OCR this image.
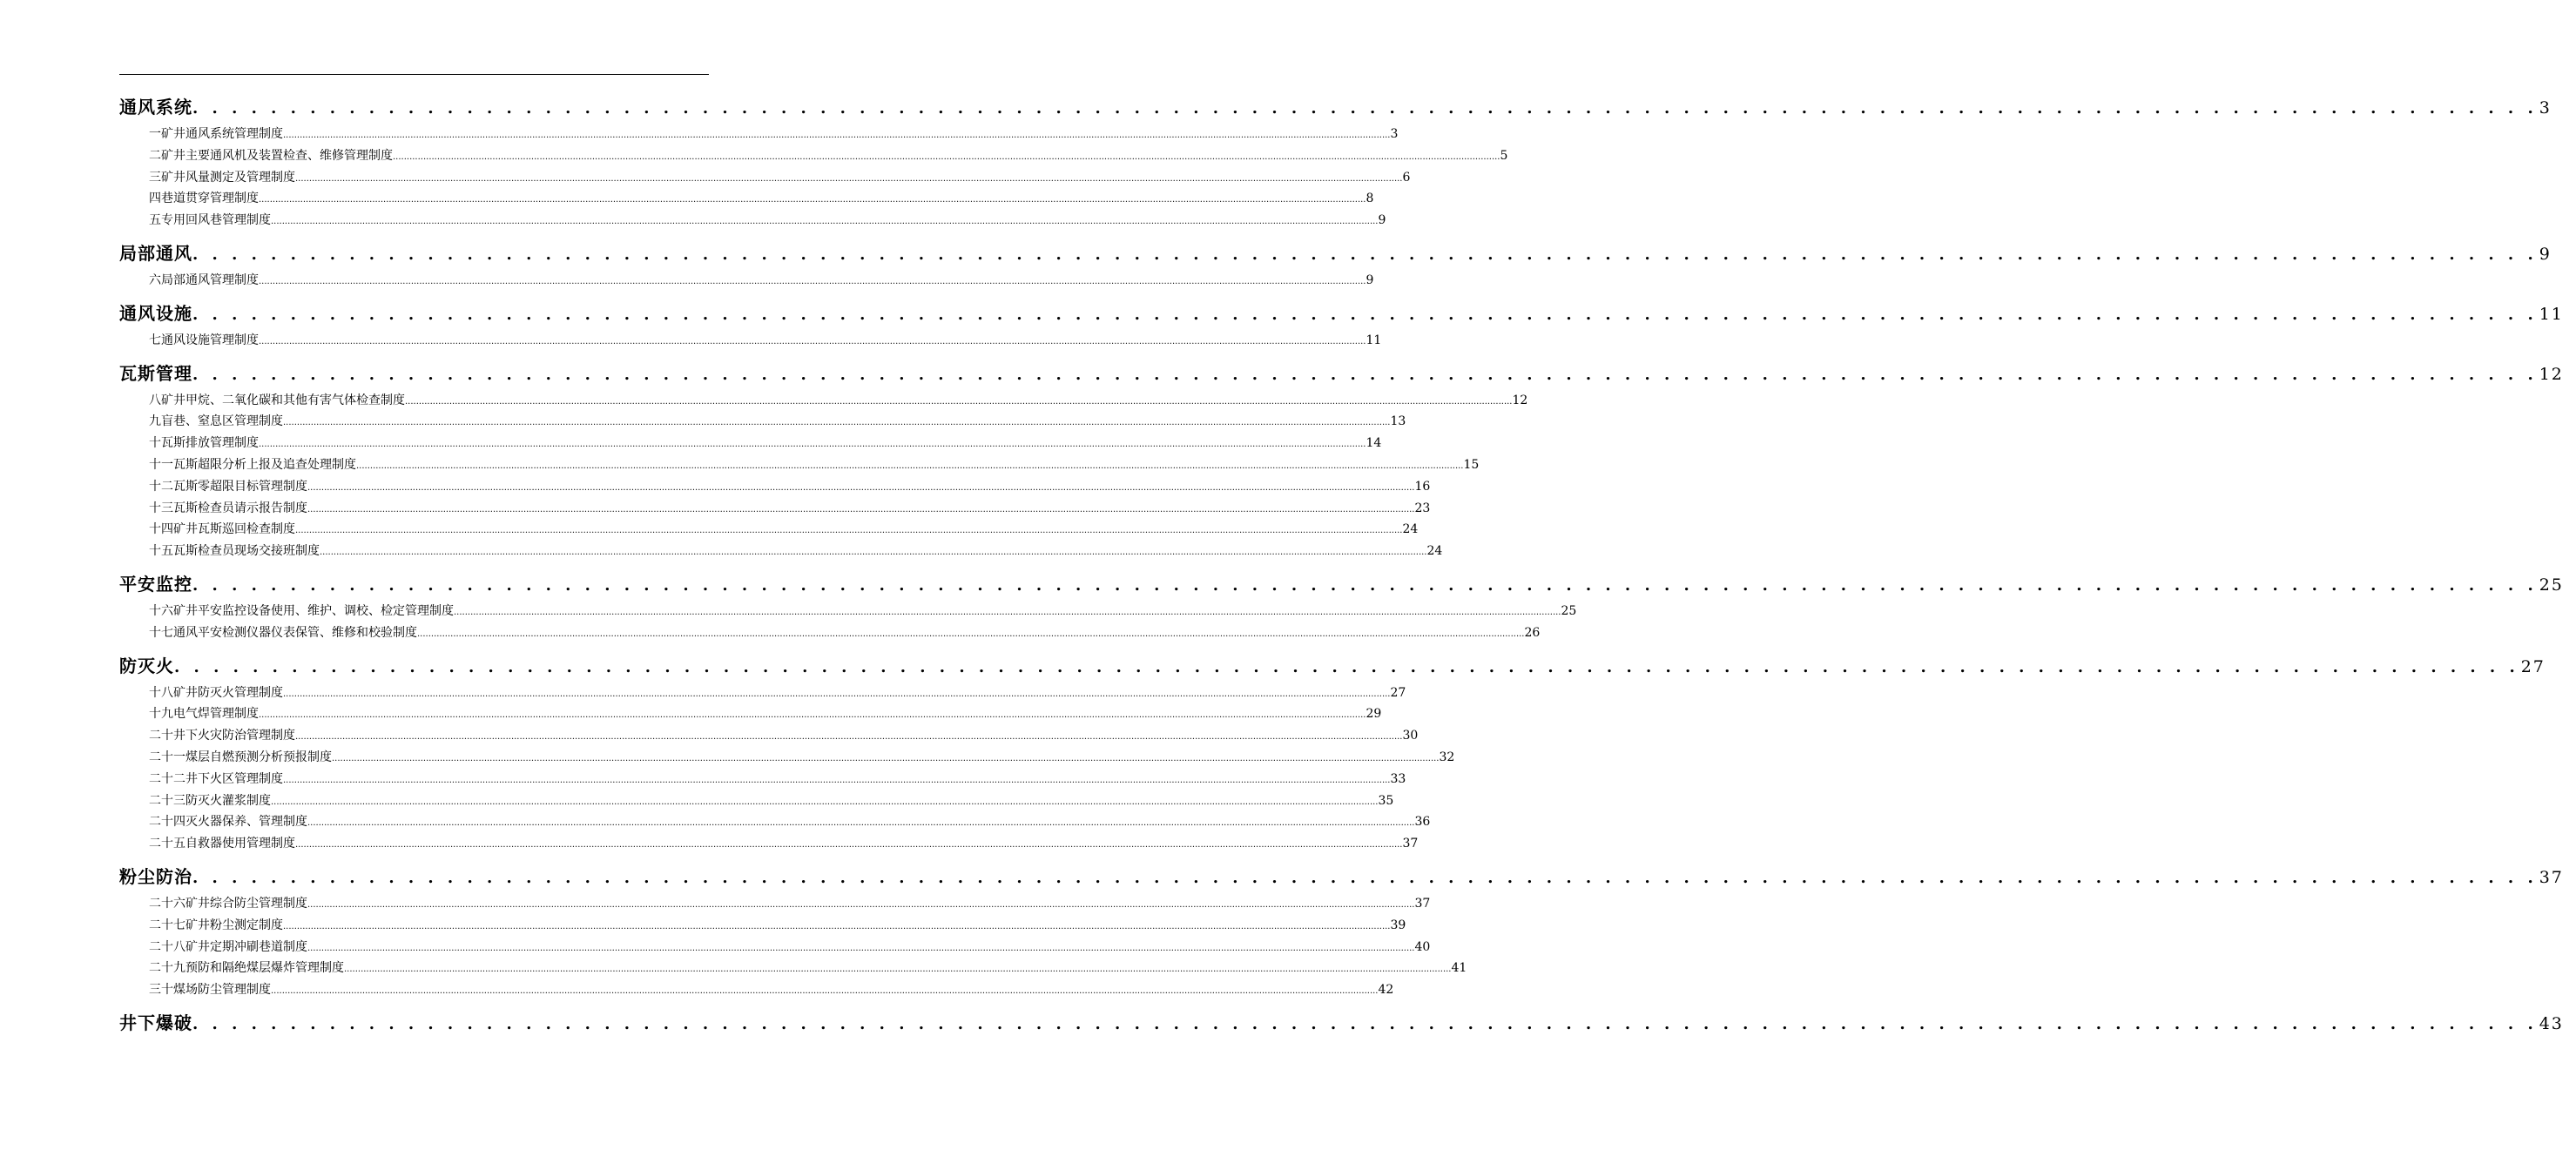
通风系统 . . . . . . . . . . . . . . . . . . . . . . . . . . . . . . . . . . . . . . . . . . . . . . . . . . . . . . . . . . . . . . . . . . . . . . . . . . . . . . . . . . . . . . . . . . . . . . . . . . . . . . . . . . . . . . . . . . . . . . . . 3
一 矿井通风系统管理制度 ................................................................................................................................................................................................................................................................................................................................................................................................................ 3
二 矿井主要通风机及装置检查、维修管理制度 ................................................................................................................................................................................................................................................................................................................................................................................................................ 5
三 矿井风量测定及管理制度 ................................................................................................................................................................................................................................................................................................................................................................................................................ 6
四 巷道贯穿管理制度 ................................................................................................................................................................................................................................................................................................................................................................................................................ 8
五 专用回风巷管理制度 ................................................................................................................................................................................................................................................................................................................................................................................................................ 9
局部通风 . . . . . . . . . . . . . . . . . . . . . . . . . . . . . . . . . . . . . . . . . . . . . . . . . . . . . . . . . . . . . . . . . . . . . . . . . . . . . . . . . . . . . . . . . . . . . . . . . . . . . . . . . . . . . . . . . . . . . . . . 9
六 局部通风管理制度 ................................................................................................................................................................................................................................................................................................................................................................................................................ 9
通风设施 . . . . . . . . . . . . . . . . . . . . . . . . . . . . . . . . . . . . . . . . . . . . . . . . . . . . . . . . . . . . . . . . . . . . . . . . . . . . . . . . . . . . . . . . . . . . . . . . . . . . . . . . . . . . . . . . . . . . . . . . 11
七 通风设施管理制度 ................................................................................................................................................................................................................................................................................................................................................................................................................ 11
瓦斯管理 . . . . . . . . . . . . . . . . . . . . . . . . . . . . . . . . . . . . . . . . . . . . . . . . . . . . . . . . . . . . . . . . . . . . . . . . . . . . . . . . . . . . . . . . . . . . . . . . . . . . . . . . . . . . . . . . . . . . . . . . 12
八 矿井甲烷、二氧化碳和其他有害气体检查制度 ................................................................................................................................................................................................................................................................................................................................................................................................................ 12
九 盲巷、窒息区管理制度 ................................................................................................................................................................................................................................................................................................................................................................................................................ 13
十 瓦斯排放管理制度 ................................................................................................................................................................................................................................................................................................................................................................................................................ 14
十一 瓦斯超限分析上报及追查处理制度 ................................................................................................................................................................................................................................................................................................................................................................................................................ 15
十二 瓦斯零超限目标管理制度 ................................................................................................................................................................................................................................................................................................................................................................................................................ 16
十三 瓦斯检查员请示报告制度 ................................................................................................................................................................................................................................................................................................................................................................................................................ 23
十四 矿井瓦斯巡回检查制度 ................................................................................................................................................................................................................................................................................................................................................................................................................ 24
十五 瓦斯检查员现场交接班制度 ................................................................................................................................................................................................................................................................................................................................................................................................................ 24
平安监控 . . . . . . . . . . . . . . . . . . . . . . . . . . . . . . . . . . . . . . . . . . . . . . . . . . . . . . . . . . . . . . . . . . . . . . . . . . . . . . . . . . . . . . . . . . . . . . . . . . . . . . . . . . . . . . . . . . . . . . . . 25
十六 矿井平安监控设备使用、维护、调校、检定管理制度 ................................................................................................................................................................................................................................................................................................................................................................................................................ 25
十七 通风平安检测仪器仪表保管、维修和校验制度 ................................................................................................................................................................................................................................................................................................................................................................................................................ 26
防灭火 . . . . . . . . . . . . . . . . . . . . . . . . . . . . . . . . . . . . . . . . . . . . . . . . . . . . . . . . . . . . . . . . . . . . . . . . . . . . . . . . . . . . . . . . . . . . . . . . . . . . . . . . . . . . . . . . . . . . . . . . 27
十八 矿井防灭火管理制度 ................................................................................................................................................................................................................................................................................................................................................................................................................ 27
十九 电气焊管理制度 ................................................................................................................................................................................................................................................................................................................................................................................................................ 29
二十 井下火灾防治管理制度 ................................................................................................................................................................................................................................................................................................................................................................................................................ 30
二十一 煤层自燃预测分析预报制度 ................................................................................................................................................................................................................................................................................................................................................................................................................ 32
二十二 井下火区管理制度 ................................................................................................................................................................................................................................................................................................................................................................................................................ 33
二十三 防灭火灌浆制度 ................................................................................................................................................................................................................................................................................................................................................................................................................ 35
二十四 灭火器保养、管理制度 ................................................................................................................................................................................................................................................................................................................................................................................................................ 36
二十五 自救器使用管理制度 ................................................................................................................................................................................................................................................................................................................................................................................................................ 37
粉尘防治 . . . . . . . . . . . . . . . . . . . . . . . . . . . . . . . . . . . . . . . . . . . . . . . . . . . . . . . . . . . . . . . . . . . . . . . . . . . . . . . . . . . . . . . . . . . . . . . . . . . . . . . . . . . . . . . . . . . . . . . . 37
二十六 矿井综合防尘管理制度 ................................................................................................................................................................................................................................................................................................................................................................................................................ 37
二十七 矿井粉尘测定制度 ................................................................................................................................................................................................................................................................................................................................................................................................................ 39
二十八 矿井定期冲刷巷道制度 ................................................................................................................................................................................................................................................................................................................................................................................................................ 40
二十九 预防和隔绝煤层爆炸管理制度 ................................................................................................................................................................................................................................................................................................................................................................................................................ 41
三十 煤场防尘管理制度 ................................................................................................................................................................................................................................................................................................................................................................................................................ 42
井下爆破 . . . . . . . . . . . . . . . . . . . . . . . . . . . . . . . . . . . . . . . . . . . . . . . . . . . . . . . . . . . . . . . . . . . . . . . . . . . . . . . . . . . . . . . . . . . . . . . . . . . . . . . . . . . . . . . . . . . . . . . . 43
